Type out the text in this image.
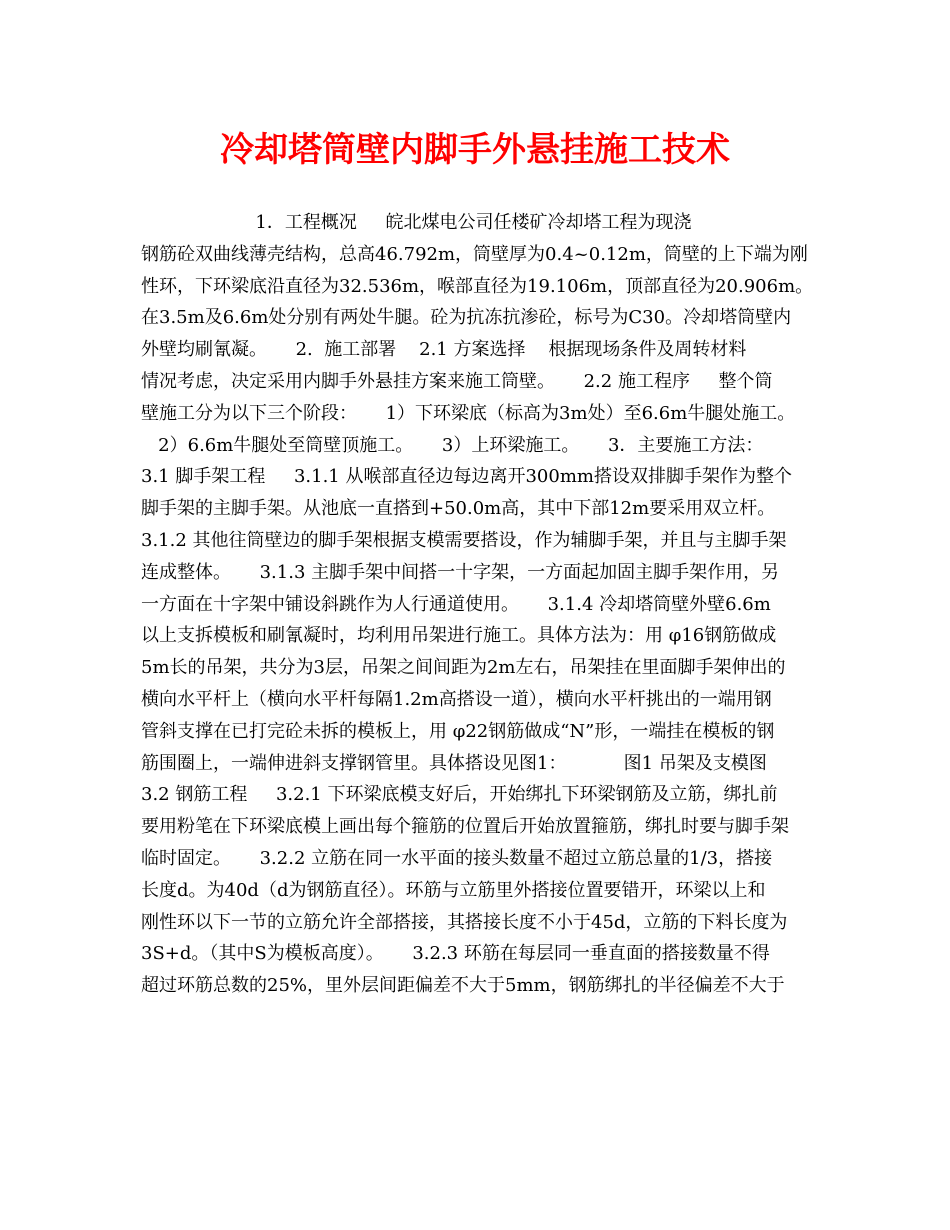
冷却塔筒壁内脚手外悬挂施工技术
1．工程概况     皖北煤电公司任楼矿冷却塔工程为现浇
钢筋砼双曲线薄壳结构，总高46.792m，筒壁厚为0.4~0.12m，筒壁的上下端为刚
性环，下环梁底沿直径为32.536m，喉部直径为19.106m，顶部直径为20.906m。
在3.5m及6.6m处分别有两处牛腿。砼为抗冻抗渗砼，标号为C30。冷却塔筒壁内
外壁均刷氰凝。     2.  施工部署    2.1 方案选择    根据现场条件及周转材料
情况考虑，决定采用内脚手外悬挂方案来施工筒壁。     2.2 施工程序     整个筒
壁施工分为以下三个阶段：     1）下环梁底（标高为3m处）至6.6m牛腿处施工。
2）6.6m牛腿处至筒壁顶施工。     3）上环梁施工。     3．主要施工方法：
3.1 脚手架工程     3.1.1 从喉部直径边每边离开300mm搭设双排脚手架作为整个
脚手架的主脚手架。从池底一直搭到+50.0m高，其中下部12m要采用双立杆。
3.1.2 其他往筒壁边的脚手架根据支模需要搭设，作为辅脚手架，并且与主脚手架
连成整体。     3.1.3 主脚手架中间搭一十字架，一方面起加固主脚手架作用，另
一方面在十字架中铺设斜跳作为人行通道使用。     3.1.4 冷却塔筒壁外壁6.6m
以上支拆模板和刷氰凝时，均利用吊架进行施工。具体方法为：用 φ16钢筋做成
5m长的吊架，共分为3层，吊架之间间距为2m左右，吊架挂在里面脚手架伸出的
横向水平杆上（横向水平杆每隔1.2m高搭设一道），横向水平杆挑出的一端用钢
管斜支撑在已打完砼未拆的模板上，用 φ22钢筋做成“N”形，一端挂在模板的钢
筋围圈上，一端伸进斜支撑钢管里。具体搭设见图1：          图1 吊架及支模图
3.2 钢筋工程     3.2.1 下环梁底模支好后，开始绑扎下环梁钢筋及立筋，绑扎前
要用粉笔在下环梁底模上画出每个箍筋的位置后开始放置箍筋，绑扎时要与脚手架
临时固定。     3.2.2 立筋在同一水平面的接头数量不超过立筋总量的1/3，搭接
长度d。为40d（d为钢筋直径）。环筋与立筋里外搭接位置要错开，环梁以上和
刚性环以下一节的立筋允许全部搭接，其搭接长度不小于45d，立筋的下料长度为
3S+d。（其中S为模板高度）。     3.2.3 环筋在每层同一垂直面的搭接数量不得
超过环筋总数的25%，里外层间距偏差不大于5mm，钢筋绑扎的半径偏差不大于
